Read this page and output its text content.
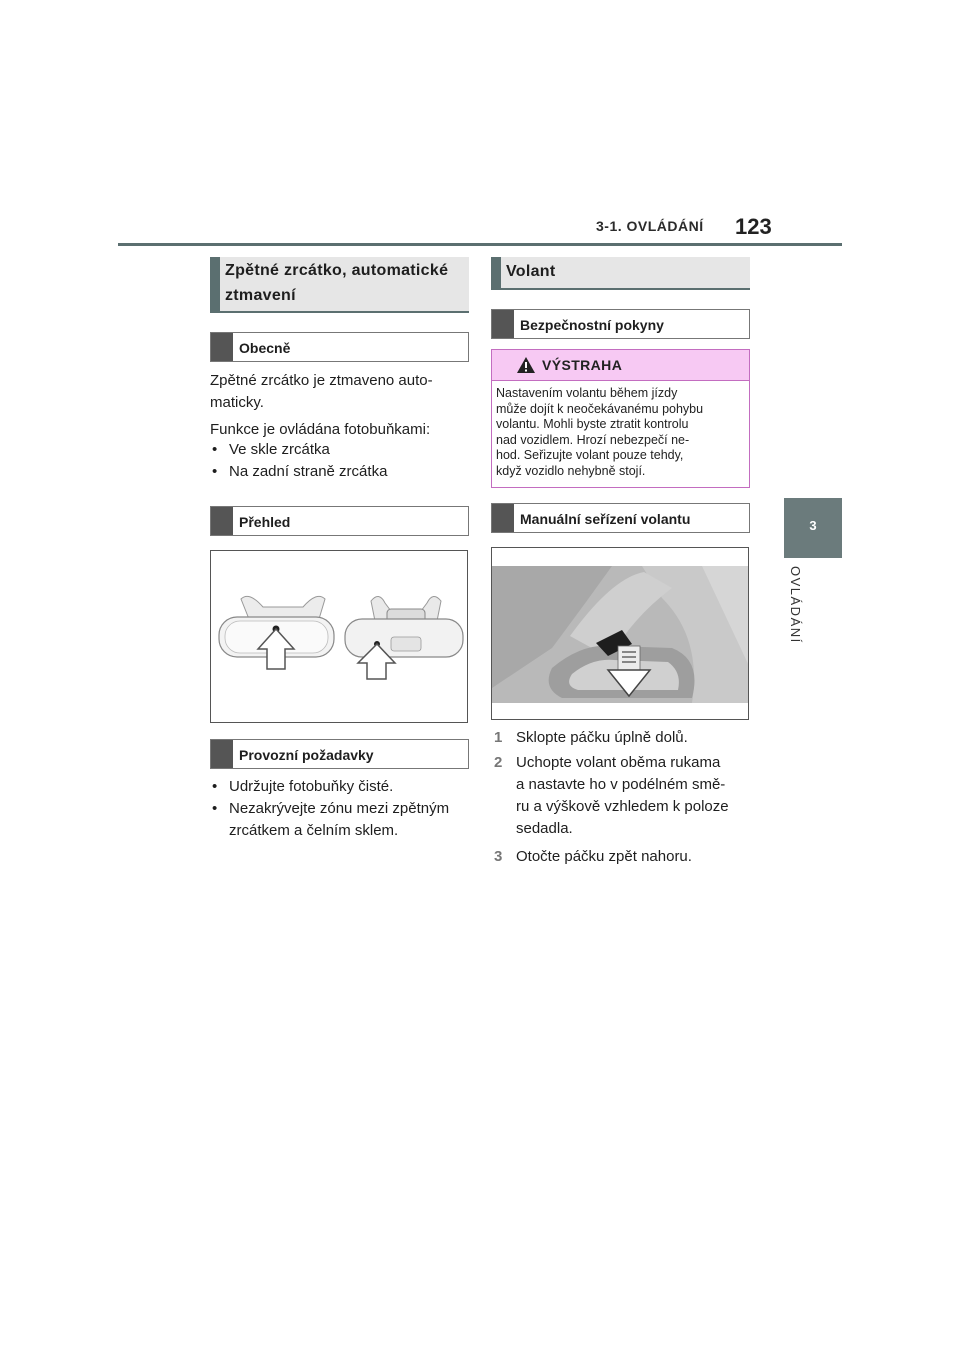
3-1. OVLÁDÁNÍ 123
3
OVLÁDÁNÍ
Zpětné zrcátko, automatické
ztmavení
Obecně
Zpětné zrcátko je ztmaveno auto-
maticky.
Funkce je ovládána fotobuňkami:
• Ve skle zrcátka
• Na zadní straně zrcátka
Přehled
Provozní požadavky
• Udržujte fotobuňky čisté.
• Nezakrývejte zónu mezi zpětným
zrcátkem a čelním sklem.
Volant
Bezpečnostní pokyny
VÝSTRAHA
Nastavením volantu během jízdy
může dojít k neočekávanému pohybu
volantu. Mohli byste ztratit kontrolu
nad vozidlem. Hrozí nebezpečí ne-
hod. Seřizujte volant pouze tehdy,
když vozidlo nehybně stojí.
Manuální seřízení volantu
1 Sklopte páčku úplně dolů.
2 Uchopte volant oběma rukama
a nastavte ho v podélném smě-
ru a výškově vzhledem k poloze
sedadla.
3 Otočte páčku zpět nahoru.
